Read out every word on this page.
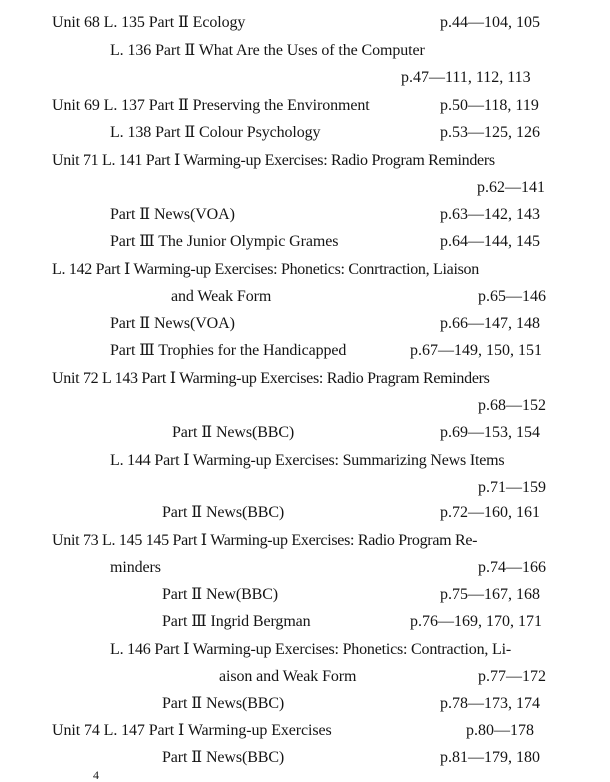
Unit 68 L. 135 Part Ⅱ Ecology	p.44—104, 105
L. 136 Part Ⅱ What Are the Uses of the Computer
p.47—111, 112, 113
Unit 69 L. 137 Part Ⅱ Preserving the Environment	p.50—118, 119
L. 138 Part Ⅱ Colour Psychology	p.53—125, 126
Unit 71 L. 141 Part Ⅰ Warming-up Exercises: Radio Program Reminders
p.62—141
Part Ⅱ News(VOA)	p.63—142, 143
Part Ⅲ The Junior Olympic Grames	p.64—144, 145
L. 142 Part Ⅰ Warming-up Exercises: Phonetics: Conrtraction, Liaison
and Weak Form	p.65—146
Part Ⅱ News(VOA)	p.66—147, 148
Part Ⅲ Trophies for the Handicapped	p.67—149, 150, 151
Unit 72 L 143 Part Ⅰ Warming-up Exercises: Radio Pragram Reminders
p.68—152
Part Ⅱ News(BBC)	p.69—153, 154
L. 144 Part Ⅰ Warming-up Exercises: Summarizing News Items
p.71—159
Part Ⅱ News(BBC)	p.72—160, 161
Unit 73 L. 145 145 Part Ⅰ Warming-up Exercises: Radio Program Re-
minders	p.74—166
Part Ⅱ New(BBC)	p.75—167, 168
Part Ⅲ Ingrid Bergman	p.76—169, 170, 171
L. 146 Part Ⅰ Warming-up Exercises: Phonetics: Contraction, Li-
aison and Weak Form	p.77—172
Part Ⅱ News(BBC)	p.78—173, 174
Unit 74 L. 147 Part Ⅰ Warming-up Exercises	p.80—178
Part Ⅱ News(BBC)	p.81—179, 180
4
